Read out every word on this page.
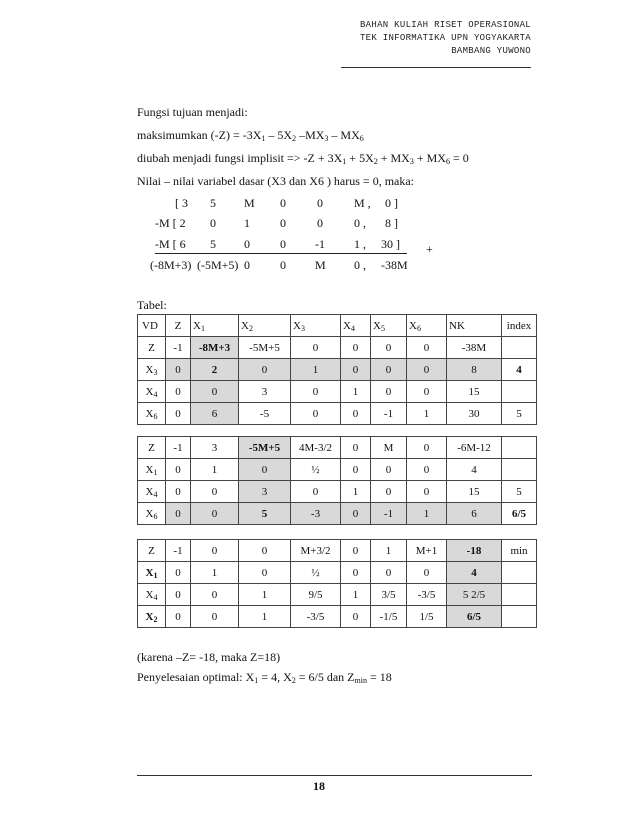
BAHAN KULIAH RISET OPERASIONAL
TEK INFORMATIKA UPN YOGYAKARTA
BAMBANG YUWONO
Fungsi tujuan menjadi:
maksimumkan $(-Z) = -3X_1 - 5X_2$ $-MX_3 - MX_6$
diubah menjadi fungsi implisit => $-Z + 3X_1 + 5X_2 + MX_3 + MX_6 = 0$
Nilai – nilai variabel dasar (X3 dan X6 ) harus = 0, maka:
[ 3 5 M 0	0	M , 0 ]
-M [ 2 0 1	0	0	0 , 8 ]
-M [ 6 5 0	0 -1 1 , 30 ] +
(-8M+3) (-5M+5) 0	0 M 0 , -38M
Tabel:
VD	Z	$X_1$	$X_2$	$X_3$	$X_4$	$X_5$	$X_6$	NK	index
Z	-1	-8M+3	-5M+5	0	0	0	0	-38M	
$X_3$	0	2	0	1	0	0	0	8	4
$X_4$	0	0	3	0	1	0	0	15	
$X_6$	0	6	-5	0	0	-1	1	30	5
Z	-1	3	-5M+5	4M-3/2	0	M	0	-6M-12	
$X_1$	0	1	0	½	0	0	0	4	
$X_4$	0	0	3	0	1	0	0	15	5
$X_6$	0	0	5	-3	0	-1	1	6	6/5
Z	-1	0	0	M+3/2	0	1	M+1	-18	min
$X_1$	0	1	0	½	0	0	0	4	
$X_4$	0	0	1	9/5	1	3/5	-3/5	5 2/5	
$X_2$	0	0	1	-3/5	0	-1/5	1/5	6/5	
(karena –Z= -18, maka Z=18)
Penyelesaian optimal: $X_1 = 4$, $X_2 = 6/5$ dan $Z_{min} = 18$
18
